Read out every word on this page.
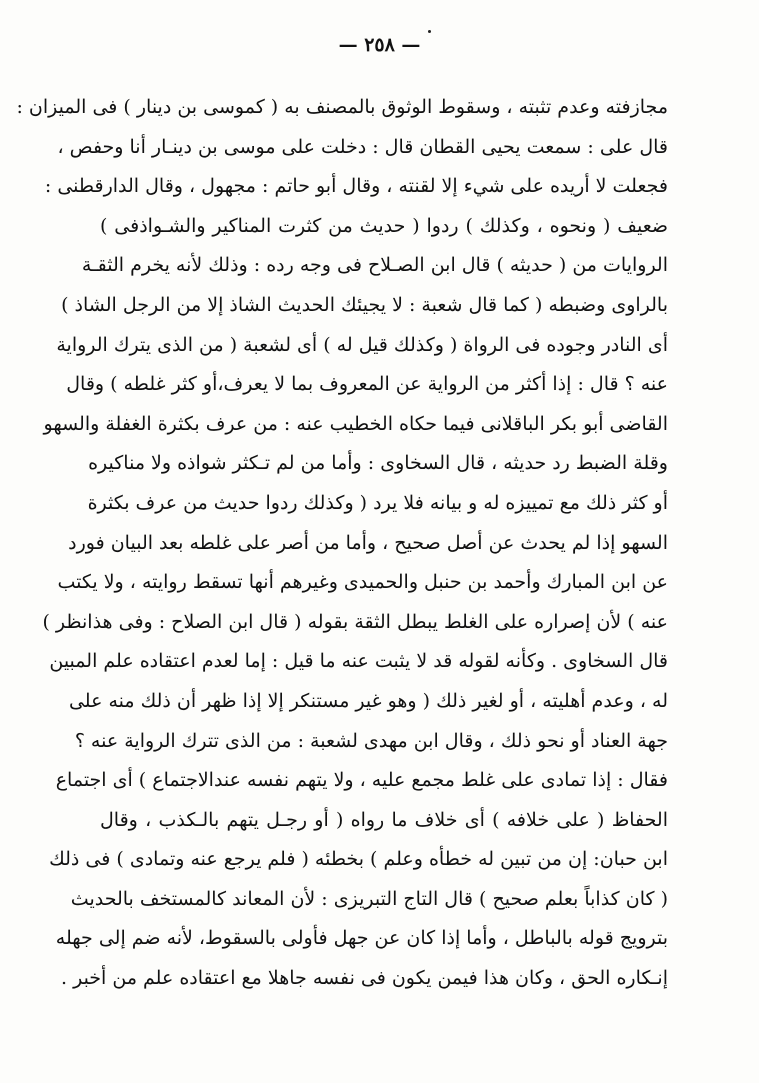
— ٢٥٨ —
مجازفته وعدم تثبته ، وسقوط الوثوق بالمصنف به ( كموسى بن دينار ) فى الميزان :
قال على : سمعت يحيى القطان قال : دخلت على موسى بن دينـار أنا وحفص ،
فجعلت لا أريده على شيء إلا لقنته ، وقال أبو حاتم : مجهول ، وقال الدارقطنى :
ضعيف ( ونحوه ، وكذلك ) ردوا ( حديث من كثرت المناكير والشـواذفى )
الروايات من ( حديثه ) قال ابن الصـلاح فى وجه رده : وذلك لأنه يخرم الثقـة
بالراوى وضبطه ( كما قال شعبة : لا يجيئك الحديث الشاذ إلا من الرجل الشاذ )
أى النادر وجوده فى الرواة ( وكذلك قيل له ) أى لشعبة ( من الذى يترك الرواية
عنه ؟ قال : إذا أكثر من الرواية عن المعروف بما لا يعرف،أو كثر غلطه ) وقال
القاضى أبو بكر الباقلانى فيما حكاه الخطيب عنه : من عرف بكثرة الغفلة والسهو
وقلة الضبط رد حديثه ، قال السخاوى : وأما من لم تـكثر شواذه ولا مناكيره
أو كثر ذلك مع تمييزه له و بيانه فلا يرد ( وكذلك ردوا حديث من عرف بكثرة
السهو إذا لم يحدث عن أصل صحيح ، وأما من أصر على غلطه بعد البيان فورد
عن ابن المبارك وأحمد بن حنبل والحميدى وغيرهم أنها تسقط روايته ، ولا يكتب
عنه ) لأن إصراره على الغلط يبطل الثقة بقوله ( قال ابن الصلاح : وفى هذانظر )
قال السخاوى . وكأنه لقوله قد لا يثبت عنه ما قيل : إما لعدم اعتقاده علم المبين
له ، وعدم أهليته ، أو لغير ذلك ( وهو غير مستنكر إلا إذا ظهر أن ذلك منه على
جهة العناد أو نحو ذلك ، وقال ابن مهدى لشعبة : من الذى تترك الرواية عنه ؟
فقال : إذا تمادى على غلط مجمع عليه ، ولا يتهم نفسه عندالاجتماع ) أى اجتماع
الحفاظ ( على خلافه ) أى خلاف ما رواه ( أو رجـل يتهم بالـكذب ، وقال
ابن حبان: إن من تبين له خطأه وعلم ) بخطئه ( فلم يرجع عنه وتمادى ) فى ذلك
( كان كذاباً بعلم صحيح ) قال التاج التبريزى : لأن المعاند كالمستخف بالحديث
بترويج قوله بالباطل ، وأما إذا كان عن جهل فأولى بالسقوط، لأنه ضم إلى جهله
إنـكاره الحق ، وكان هذا فيمن يكون فى نفسه جاهلا مع اعتقاده علم من أخبر .
